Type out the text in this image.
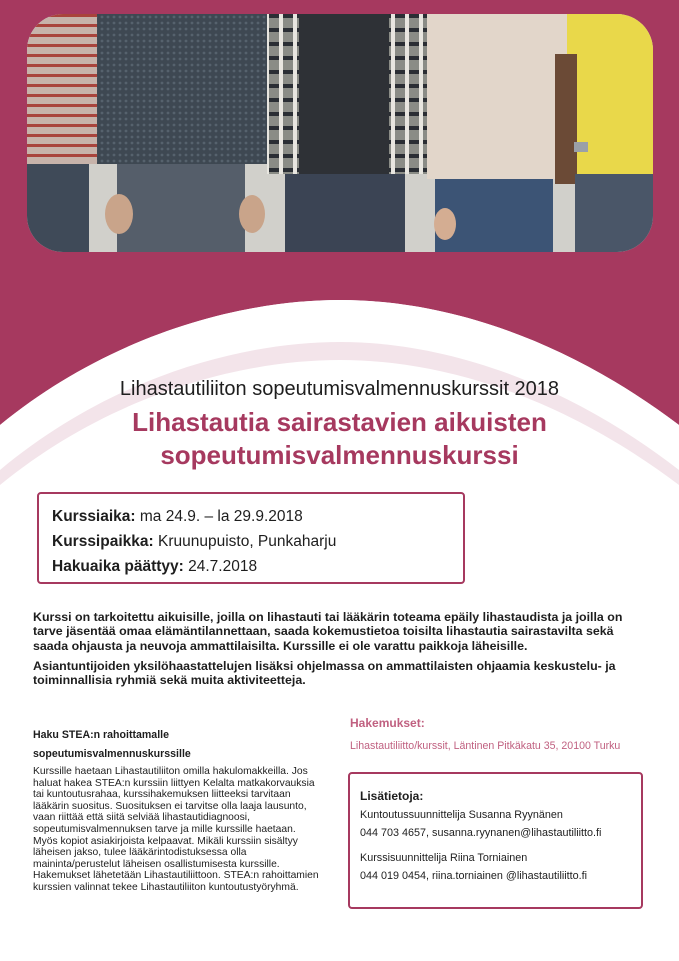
Lihastautiliiton sopeutumisvalmennuskurssit 2018
Lihastautia sairastavien aikuisten
sopeutumisvalmennuskurssi
Kurssiaika: ma 24.9. – la 29.9.2018
Kurssipaikka: Kruunupuisto, Punkaharju
Hakuaika päättyy: 24.7.2018

Kurssi on tarkoitettu aikuisille, joilla on lihastauti tai lääkärin toteama epäily lihastaudista ja joilla on tarve jäsentää omaa elämäntilannettaan, saada kokemustietoa toisilta lihastautia sairastavilta sekä saada ohjausta ja neuvoja ammattilaisilta. Kurssille ei ole varattu paikkoja läheisille.

Asiantuntijoiden yksilöhaastattelujen lisäksi ohjelmassa on ammattilaisten ohjaamia keskustelu- ja toiminnallisia ryhmiä sekä muita aktiviteetteja.

Haku STEA:n rahoittamalle
sopeutumisvalmennuskurssille
Kurssille haetaan Lihastautiliiton omilla hakulomakkeilla. Jos haluat hakea STEA:n kurssiin liittyen Kelalta matkakorvauksia tai kuntoutusrahaa, kurssihakemuksen liitteeksi tarvitaan lääkärin suositus. Suosituksen ei tarvitse olla laaja lausunto, vaan riittää että siitä selviää lihastautidiagnoosi, sopeutumisvalmennuksen tarve ja mille kurssille haetaan. Myös kopiot asiakirjoista kelpaavat. Mikäli kurssiin sisältyy läheisen jakso, tulee lääkärintodistuksessa olla maininta/perustelut läheisen osallistumisesta kurssille. Hakemukset lähetetään Lihastautiliittoon. STEA:n rahoittamien kurssien valinnat tekee Lihastautiliiton kuntoutustyöryhmä.
Hakemukset:
Lihastautiliitto/kurssit, Läntinen Pitkäkatu 35, 20100 Turku
Lisätietoja:
Kuntoutussuunnittelija Susanna Ryynänen
044 703 4657, susanna.ryynanen@lihastautiliitto.fi
Kurssisuunnittelija Riina Torniainen
044 019 0454, riina.torniainen @lihastautiliitto.fi
